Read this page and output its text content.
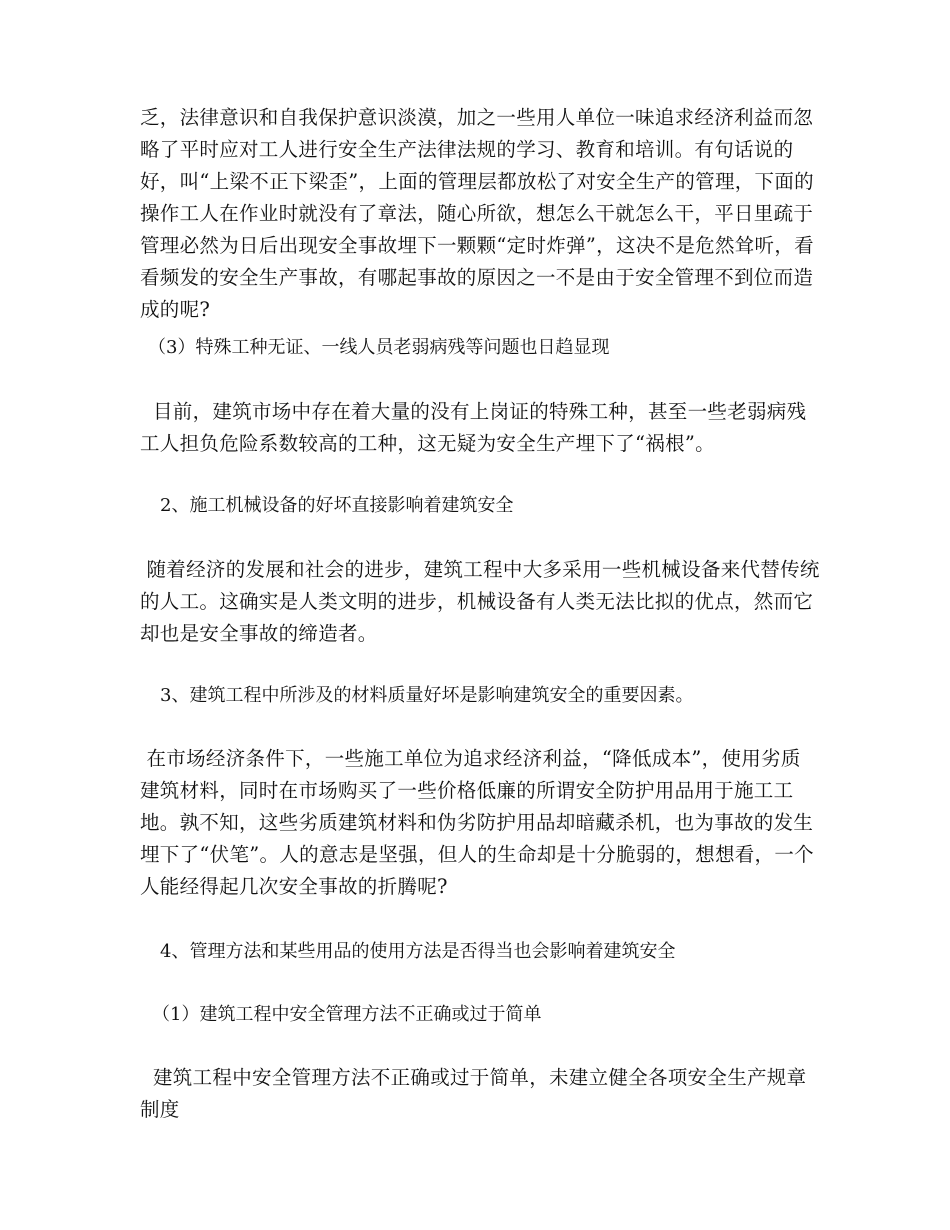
乏，法律意识和自我保护意识淡漠，加之一些用人单位一味追求经济利益而忽略了平时应对工人进行安全生产法律法规的学习、教育和培训。有句话说的好，叫“上梁不正下梁歪”，上面的管理层都放松了对安全生产的管理，下面的操作工人在作业时就没有了章法，随心所欲，想怎么干就怎么干，平日里疏于管理必然为日后出现安全事故埋下一颗颗“定时炸弹”，这决不是危然耸听，看看频发的安全生产事故，有哪起事故的原因之一不是由于安全管理不到位而造成的呢?

（3）特殊工种无证、一线人员老弱病残等问题也日趋显现

目前，建筑市场中存在着大量的没有上岗证的特殊工种，甚至一些老弱病残工人担负危险系数较高的工种，这无疑为安全生产埋下了“祸根”。

2、施工机械设备的好坏直接影响着建筑安全

随着经济的发展和社会的进步，建筑工程中大多采用一些机械设备来代替传统的人工。这确实是人类文明的进步，机械设备有人类无法比拟的优点，然而它却也是安全事故的缔造者。

3、建筑工程中所涉及的材料质量好坏是影响建筑安全的重要因素。

在市场经济条件下，一些施工单位为追求经济利益，“降低成本”，使用劣质建筑材料，同时在市场购买了一些价格低廉的所谓安全防护用品用于施工工地。孰不知，这些劣质建筑材料和伪劣防护用品却暗藏杀机，也为事故的发生埋下了“伏笔”。人的意志是坚强，但人的生命却是十分脆弱的，想想看，一个人能经得起几次安全事故的折腾呢?

4、管理方法和某些用品的使用方法是否得当也会影响着建筑安全

（1）建筑工程中安全管理方法不正确或过于简单

建筑工程中安全管理方法不正确或过于简单，未建立健全各项安全生产规章制度
